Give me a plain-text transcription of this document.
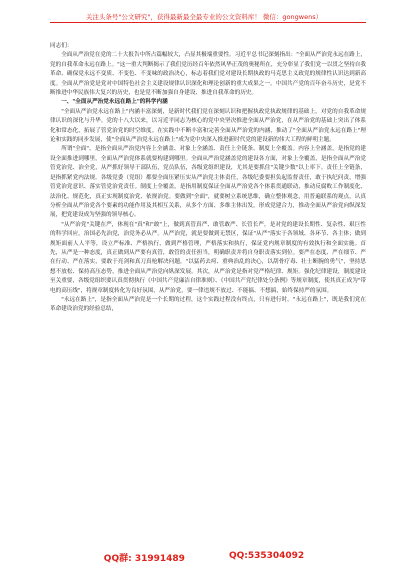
关注头条号"公文研究"，获得最新最全最专业的公文资料库！ 微信：gongwens）

同志们：

全面从严治党在党的二十大报告中所占篇幅较大，凸显其极端重要性。习近平总书记深刻指出："全面从严治党永远在路上，党的自我革命永远在路上。"这一重大判断揭示了我们党历经百年依然风华正茂的奥秘所在，充分彰显了我们党一以贯之坚持自我革命、确保党永远不变质、不变色、不变味的政治决心，标志着我们党对建设长期执政的马克思主义政党的规律性认识达到新高度。全面从严治党是党对中国特色社会主义建设规律认识深化和理论创新的重大成果之一。中国共产党的百年奋斗历史，是党不断推进中华民族伟大复兴的历史，也是党不断加强自身建设、推进自我革命的历史。

一、"全面从严治党永远在路上"的科学内涵

"全面从严治党永远在路上"内涵丰富深刻，是新时代我们党在深刻认识和把握执政党执政规律的基础上，对党的自我革命规律认识的深化与升华。党的十八大以来，以习近平同志为核心的党中央坚决推进全面从严治党，在从严治党的基础上突出了体系化和常态化，拓展了管党治党的时空维度。在实践中不断丰富和完善全面从严治党的内涵，推动了"全面从严治党永远在路上"理论和实践的同步发展，使"全面从严治党永远在路上"成为党中央深入推进新时代党的建设新的伟大工程的鲜明主题。

所谓"全面"，是指全面从严治党内容上全涵盖、对象上全涵盖、责任上全链条、制度上全覆盖。内容上全涵盖，是指党的建设全面推进到哪里，全面从严治党体系就要构建到哪里。全面从严治党涵盖党的建设各方面，对象上全覆盖，是指全面从严治党管党治党、治全党，从严抓好领导干部队伍，党员队伍，各级党组织建设，尤其是要抓住"关键少数"以上率下。责任上全链条，是指抓紧党内法规。各级党委（党组）都要全面压紧压实从严治党主体责任，各级纪委要担负起监督责任，敢于执纪问责，增强管党治党意识、落实管党治党责任。制度上全覆盖，是指用制度保证全面从严治党各个体系贯通联动，推动反腐败工作制度化、法治化、规范化，真正实现制度治党、依规治党。要做到"全面"，就要树立系统思维，确立整体观念，用普遍联系的观点，认真分析全面从严治党各个要素的功能作用及其相互关系，从多个方面、多维主体出发，形成党建合力，推动全面从严治党向纵深发展，把党建设成为坚强的领导核心。

"从严治党"关键在严，体现在"真"和"敢"上，做到真管真严、敢管敢严、长管长严，是对党的建设长期性、复杂性、艰巨性的科学回应。治国必先治党，治党务必从严。从严治党，就是要做到无禁区，保证"从严"落实于各领域、各环节、各主体；做到规矩面前人人平等，设立严标准、严格执行，做到严格管理，严格落实和执行，保证党内规章制度的有效执行和全面实施。首先，从严是一种态度，真正做到从严要有真管，敢管的责任担当，明确职责并将自身职责落实到位。要严在态度、严在细节、严在行动、严在落实，要敢于亮剑和真刀真枪解决问题，"以猛药去疴、重典治乱的决心，以刮骨疗毒、壮士断腕的勇气"，坚持思想不放松、保持高压态势，推进全面从严治党向纵深发展。其次，从严治党是指对党严格纪律、规矩。强化纪律建设，制度建设至关重要，各级党组织要认真贯彻执行《中国共产党廉洁自律准则》、《中国共产党纪律处分条例》等规章制度，使其真正成为"带电的高压线"，将规章制度转化为良好氛围，从严治党，要一律违规不放过、不能搞、不想搞，始终保持严的氛围。

"永远在路上"，是指全面从严治党是一个长期的过程，这个实践过程没有终点，只有进行时。"永远在路上"，既是我们党在革命建设治党的经验总结，

QQ群: 31991489	QQ:535304092
